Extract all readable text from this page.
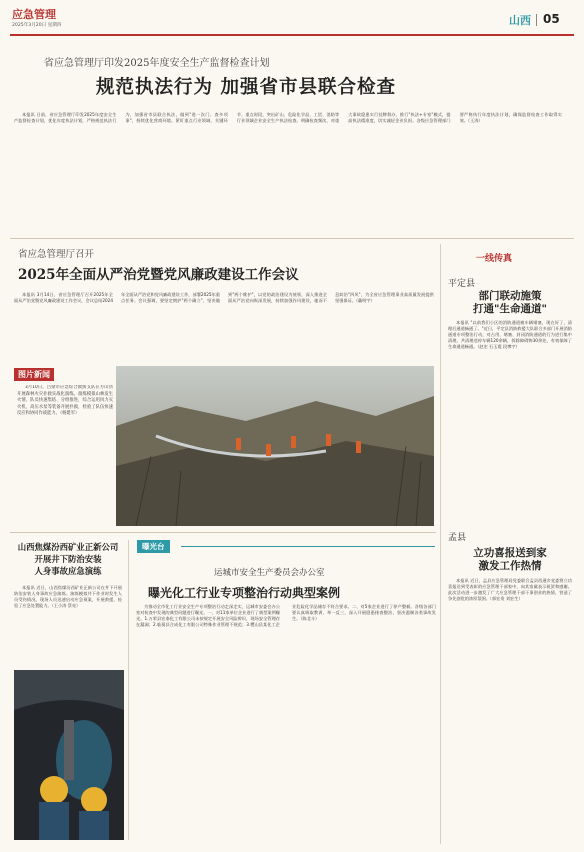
应急管理
2025年3月20日 星期四	山西 05
省应急管理厅印发2025年度安全生产监督检查计划
规范执法行为 加强省市县联合检查

本报讯 日前，省应急管理厅印发2025年度安全生产监督检查计划，优化年度执法计划，严格规范执法行为，加强省市县联合执法，做到"进一次门、查多项事"，持续优化营商环境。紧盯重点行业领域、关键环节、重点时段，突出矿山、危险化学品、工贸、消防等行业领域企业安全生产执法检查。明确检查频次，对重大事故隐患实行挂牌督办，推行"执法+专家"模式，提高执法精准度，切实减轻企业负担。各级应急管理部门要严格执行年度执法计划，确保监督检查工作取得实效。（王涛）

省应急管理厅召开
2025年全面从严治党暨党风廉政建设工作会议

本报讯 3月14日，省应急管理厅召开2025年全面从严治党暨党风廉政建设工作会议，会议总结2024年全面从严治党和党风廉政建设工作，部署2025年重点任务。会议强调，要坚定拥护"两个确立"、坚决做到"两个维护"，以党的政治建设为统领，深入推进全面从严治党向纵深发展，持续加强作风建设，驰而不息纠治"四风"，为全省应急管理事业高质量发展提供坚强保证。（戴明宇）

图片新闻

3月10日，吕梁市应急综合救援支队在方山县开展森林火灾扑救实战化演练。演练模拟山林发生火情，队员快速集结、分组推进，综合运用风力灭火机、高压水泵等装备开展扑救，检验了队伍快速反应和协同作战能力。（杨建军）

一线传真
平定县
部门联动施策
打通"生命通道"

本报讯 "以前我们小区的消防通道被车辆堵塞，现在好了，清理后通道畅通了。"近日，平定县消防救援大队联合多部门开展消防通道专项整治行动，对占用、堵塞、封闭消防通道的行为进行集中清理，共清理违停车辆120余辆，拆除障碍物30余处，有效保障了生命通道畅通。（赵宏 石玉霞 段博宇）

孟县
立功喜报送到家
激发工作热情

本报讯 近日，孟县应急管理局党委联合孟县西通乡党委将立功喜报送到受表彰的应急管理干部家中，向其家属表示祝贺和感谢。此次活动进一步激发了广大应急管理干部干事创业的热情，营造了争先创优的浓厚氛围。（郭宏贵 刘宏生）

山西焦煤汾西矿业正新公司
开展井下防治安装
人身事故应急演练

本报讯 近日，山西焦煤汾西矿业正新公司在井下开展防治安装人身事故应急演练。演练模拟井下作业时发生人员受伤情况，现场人员迅速启动应急预案，开展救援，检验了应急处置能力。（王小涛 蔡亮）

曝光台
运城市安全生产委员会办公室
曝光化工行业专项整治行动典型案例

为推动全市化工行业安全生产专项整治行动走深走实，运城市安委会办公室对检查中发现的典型问题进行曝光。一、对11家单位企业进行了典型案例曝光。1.万荣县宏泰化工有限公司未按规定开展安全风险辨识，现场安全管理存在漏洞；2.临猗县合成化工有限公司特殊作业管理不规范；3.稷山县某化工企业危险化学品储存不符合要求。二、对5家企业进行了停产整顿。各级各部门要认真吸取教训，举一反三，深入开展隐患排查整治，坚决遏制各类事故发生。（陈北斗）
